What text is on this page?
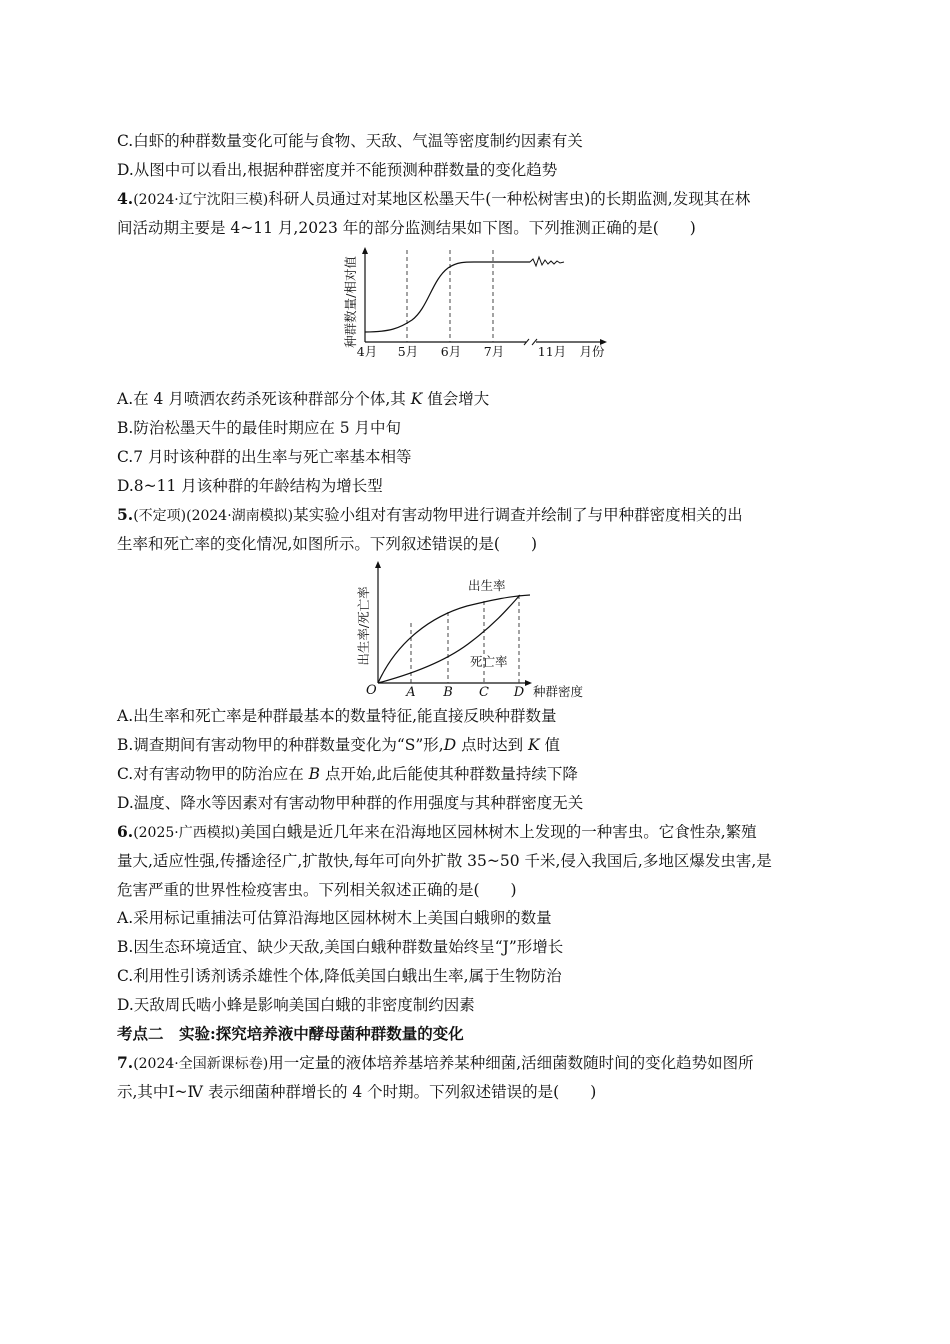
C.白虾的种群数量变化可能与食物、天敌、气温等密度制约因素有关
D.从图中可以看出,根据种群密度并不能预测种群数量的变化趋势
4.(2024·辽宁沈阳三模)科研人员通过对某地区松墨天牛(一种松树害虫)的长期监测,发现其在林
间活动期主要是 4~11 月,2023 年的部分监测结果如下图。下列推测正确的是(　　)
种群数量/相对值
4月 5月 6月 7月	11月 月份
A.在 4 月喷洒农药杀死该种群部分个体,其 K 值会增大
B.防治松墨天牛的最佳时期应在 5 月中旬
C.7 月时该种群的出生率与死亡率基本相等
D.8~11 月该种群的年龄结构为增长型
5.(不定项)(2024·湖南模拟)某实验小组对有害动物甲进行调查并绘制了与甲种群密度相关的出
生率和死亡率的变化情况,如图所示。下列叙述错误的是(　　)
出生率/死亡率
出生率
死亡率
O A B C D 种群密度
A.出生率和死亡率是种群最基本的数量特征,能直接反映种群数量
B.调查期间有害动物甲的种群数量变化为“S”形,D 点时达到 K 值
C.对有害动物甲的防治应在 B 点开始,此后能使其种群数量持续下降
D.温度、降水等因素对有害动物甲种群的作用强度与其种群密度无关
6.(2025·广西模拟)美国白蛾是近几年来在沿海地区园林树木上发现的一种害虫。它食性杂,繁殖
量大,适应性强,传播途径广,扩散快,每年可向外扩散 35~50 千米,侵入我国后,多地区爆发虫害,是
危害严重的世界性检疫害虫。下列相关叙述正确的是(　　)
A.采用标记重捕法可估算沿海地区园林树木上美国白蛾卵的数量
B.因生态环境适宜、缺少天敌,美国白蛾种群数量始终呈“J”形增长
C.利用性引诱剂诱杀雄性个体,降低美国白蛾出生率,属于生物防治
D.天敌周氏啮小蜂是影响美国白蛾的非密度制约因素
考点二　实验:探究培养液中酵母菌种群数量的变化
7.(2024·全国新课标卷)用一定量的液体培养基培养某种细菌,活细菌数随时间的变化趋势如图所
示,其中Ⅰ~Ⅳ 表示细菌种群增长的 4 个时期。下列叙述错误的是(　　)
